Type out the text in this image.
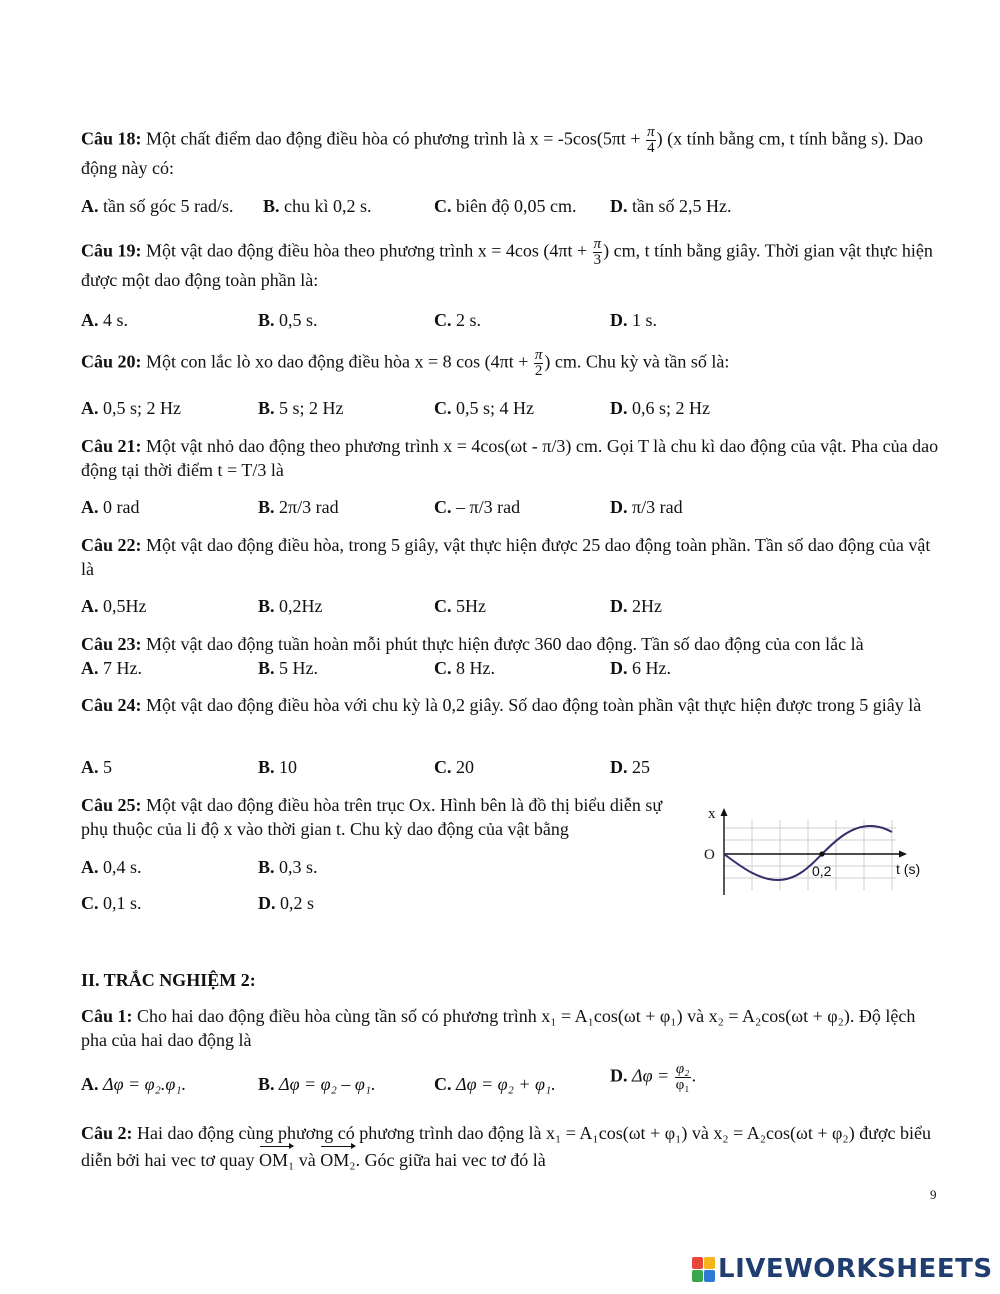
Câu 18: Một chất điểm dao động điều hòa có phương trình là $x = -5\cos(5\pi t + \frac{\pi}{4}$ ) (x tính bằng cm, t tính bằng s). Dao động này có:
A. tần số góc 5 rad/s. B. chu kì 0,2 s.	C. biên độ 0,05 cm. D. tần số 2,5 Hz.
Câu 19: Một vật dao động điều hòa theo phương trình x = 4cos ($4\pi t + \frac{\pi}{3}$ ) cm, t tính bằng giây. Thời gian vật thực hiện được một dao động toàn phần là:
A. 4 s.	B. 0,5 s.	C. 2 s.	D. 1 s.
Câu 20: Một con lắc lò xo dao động điều hòa x = 8 $\cos (4\pi t + \frac{\pi}{2}$ ) cm. Chu kỳ và tần số là:
A. 0,5 s; 2 Hz	B. 5 s; 2 Hz	C. 0,5 s; 4 Hz	D. 0,6 s; 2 Hz
Câu 21: Một vật nhỏ dao động theo phương trình x = 4cos(ωt - π/3) cm. Gọi T là chu kì dao động của vật. Pha của dao động tại thời điểm t = T/3 là
A. 0 rad	B. 2π/3 rad	C. – π/3 rad	D. π/3 rad
Câu 22: Một vật dao động điều hòa, trong 5 giây, vật thực hiện được 25 dao động toàn phần. Tần số dao động của vật là
A. 0,5Hz	B. 0,2Hz	C. 5Hz	D. 2Hz
Câu 23: Một vật dao động tuần hoàn mỗi phút thực hiện được 360 dao động. Tần số dao động của con lắc là
A. 7 Hz.	B. 5 Hz.	C. 8 Hz.	D. 6 Hz.
Câu 24: Một vật dao động điều hòa với chu kỳ là 0,2 giây. Số dao động toàn phần vật thực hiện được trong 5 giây là
A. 5	B. 10	C. 20	D. 25
Câu 25: Một vật dao động điều hòa trên trục Ox. Hình bên là đồ thị biểu diễn sự phụ thuộc của li độ x vào thời gian t. Chu kỳ dao động của vật bằng
A. 0,4 s.	B. 0,3 s.
C. 0,1 s.	D. 0,2 s
II. TRẮC NGHIỆM 2:
Câu 1: Cho hai dao động điều hòa cùng tần số có phương trình x₁ = A₁cos(ωt + φ₁) và x₂ = A₂cos(ωt + φ₂). Độ lệch pha của hai dao động là
A. Δφ = φ₂.φ₁.	B. Δφ = φ₂ – φ₁.	C. Δφ = φ₂ + φ₁.	D. $\Delta\varphi = \frac{\text{φ₂}}{\text{φ₁}}$ .
Câu 2: Hai dao động cùng phương có phương trình dao động là x₁ = A₁cos(ωt + φ₁) và x₂ = A₂cos(ωt + φ₂) được biểu diễn bởi hai vec tơ quay OM₁ và OM₂. Góc giữa hai vec tơ đó là
x
O
0,2	t (s)
9
LIVEWORKSHEETS
